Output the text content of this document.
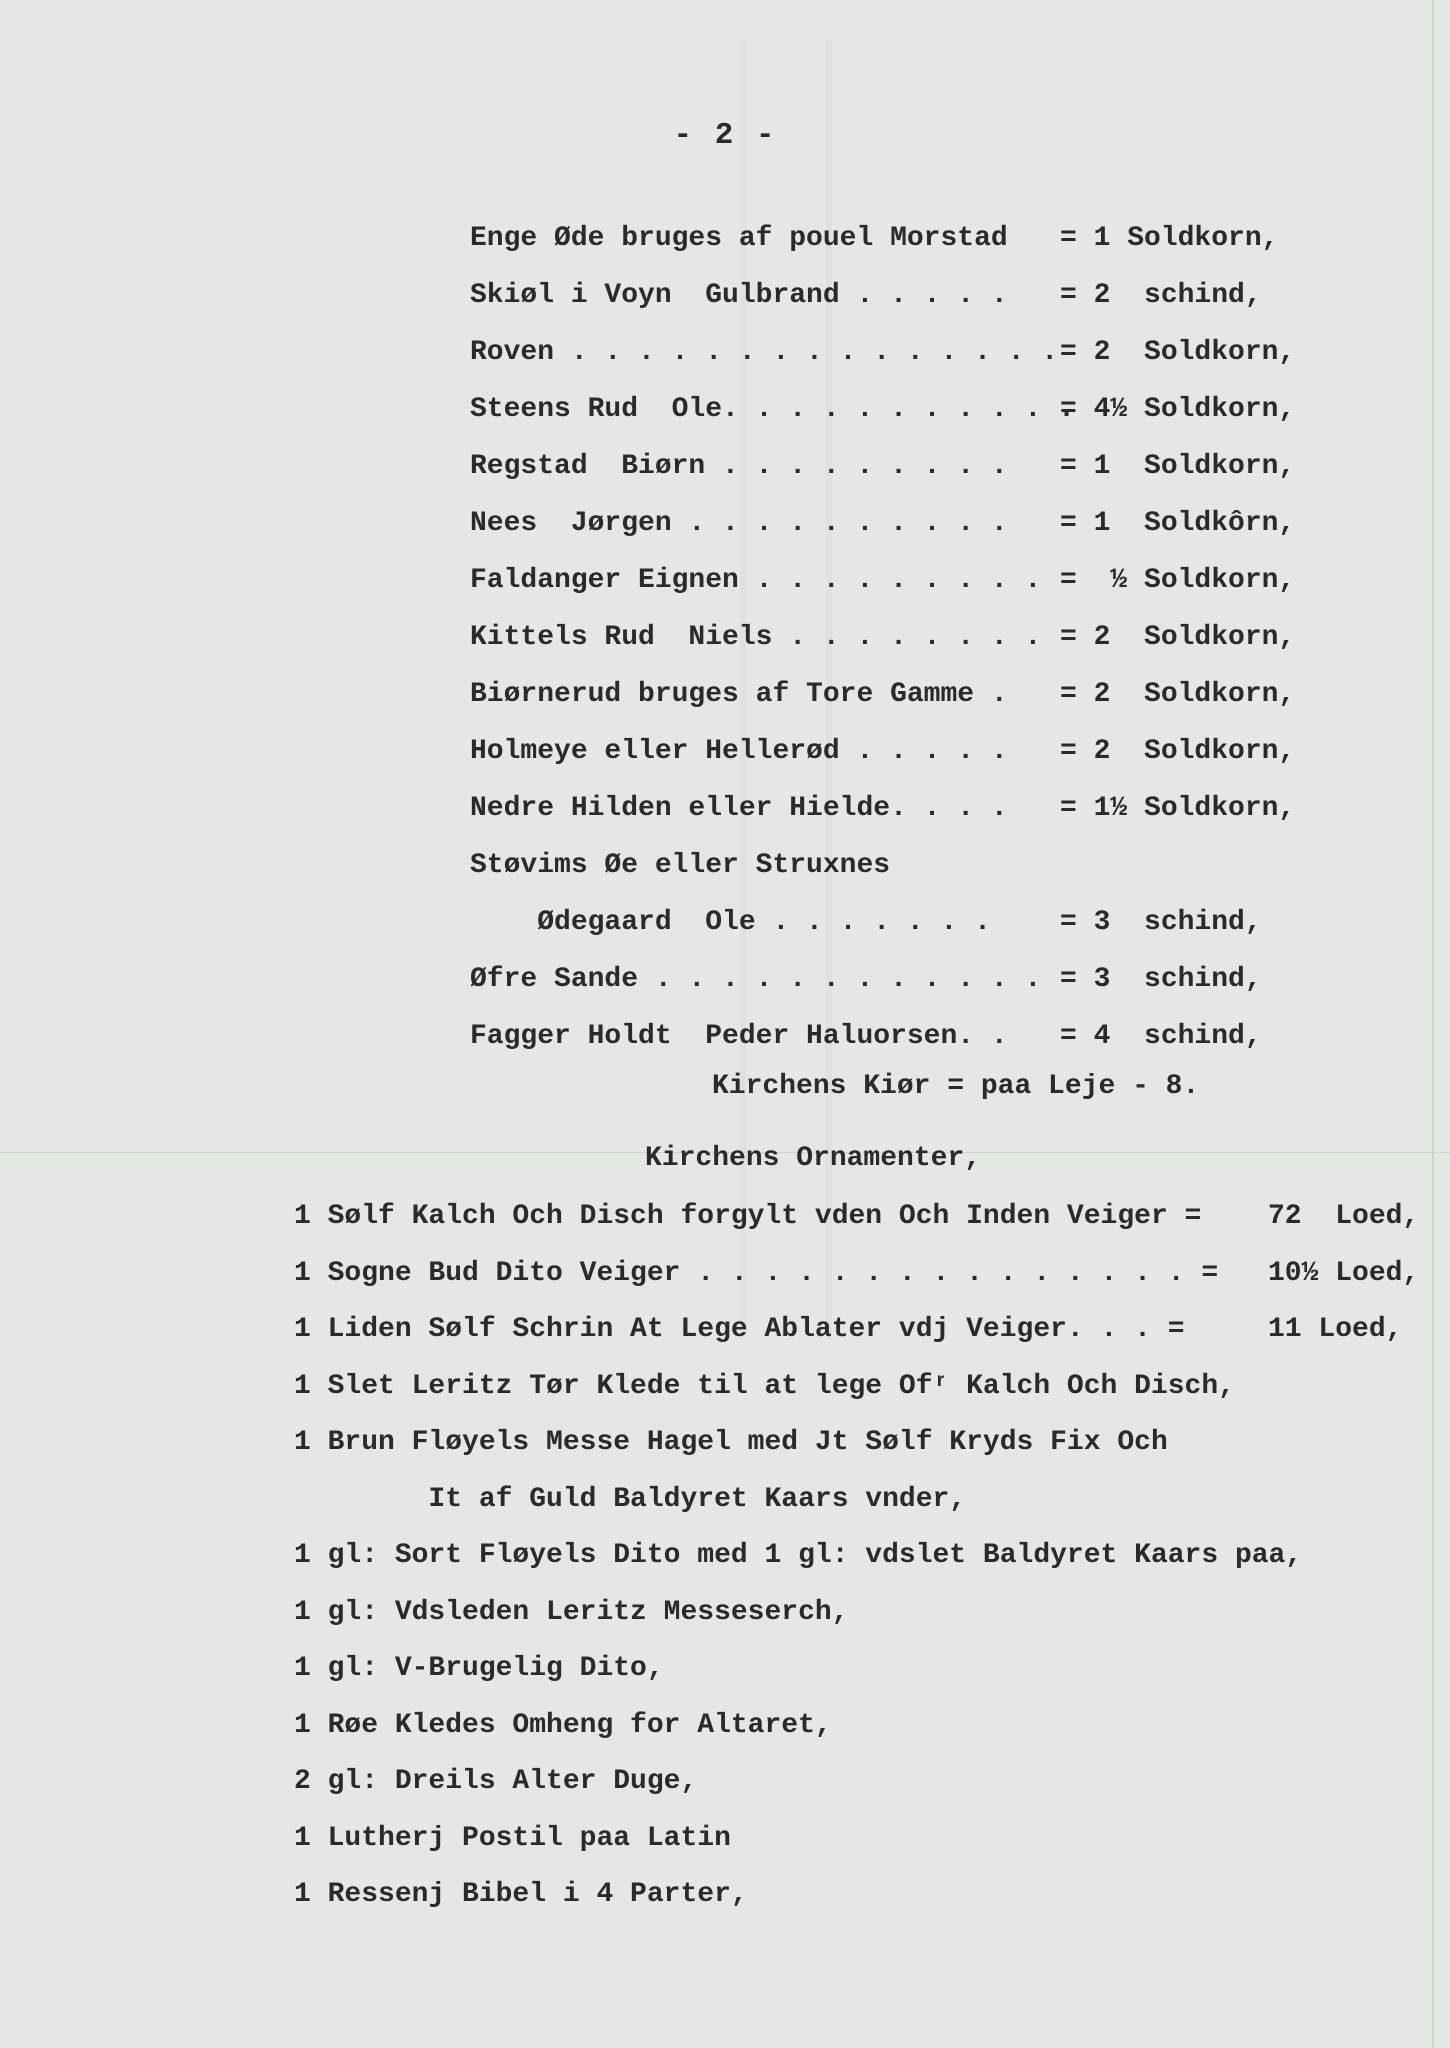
- 2 -
Enge Øde bruges af pouel Morstad = 1 Soldkorn,
Skiøl i Voyn  Gulbrand . . . . . = 2  schind,
Roven . . . . . . . . . . . . . . . = 2  Soldkorn,
Steens Rud  Ole. . . . . . . . . . .
= 4½ Soldkorn,
Regstad  Biørn . . . . . . . . . = 1  Soldkorn,
Nees  Jørgen . . . . . . . . . . = 1  Soldkôrn,
Faldanger Eignen . . . . . . . . . =  ½ Soldkorn,
Kittels Rud  Niels . . . . . . . . = 2  Soldkorn,
Biørnerud bruges af Tore Gamme . = 2  Soldkorn,
Holmeye eller Hellerød . . . . . = 2  Soldkorn,
Nedre Hilden eller Hielde. . . . = 1½ Soldkorn,
Støvims Øe eller Struxnes
Ødegaard  Ole . . . . . . . = 3  schind,
Øfre Sande . . . . . . . . . . . . = 3  schind,
Fagger Holdt  Peder Haluorsen. . = 4  schind,
Kirchens Kiør = paa Leje - 8.
Kirchens Ornamenter,
1 Sølf Kalch Och Disch forgylt vden Och Inden Veiger = 72  Loed,
1 Sogne Bud Dito Veiger . . . . . . . . . . . . . . . = 10½ Loed,
1 Liden Sølf Schrin At Lege Ablater vdj Veiger. . . =	11 Loed,
1 Slet Leritz Tør Klede til at lege Ofʳ Kalch Och Disch,
1 Brun Fløyels Messe Hagel med Jt Sølf Kryds Fix Och
It af Guld Baldyret Kaars vnder,
1 gl: Sort Fløyels Dito med 1 gl: vdslet Baldyret Kaars paa,
1 gl: Vdsleden Leritz Messeserch,
1 gl: V-Brugelig Dito,
1 Røe Kledes Omheng for Altaret,
2 gl: Dreils Alter Duge,
1 Lutherj Postil paa Latin
1 Ressenj Bibel i 4 Parter,
